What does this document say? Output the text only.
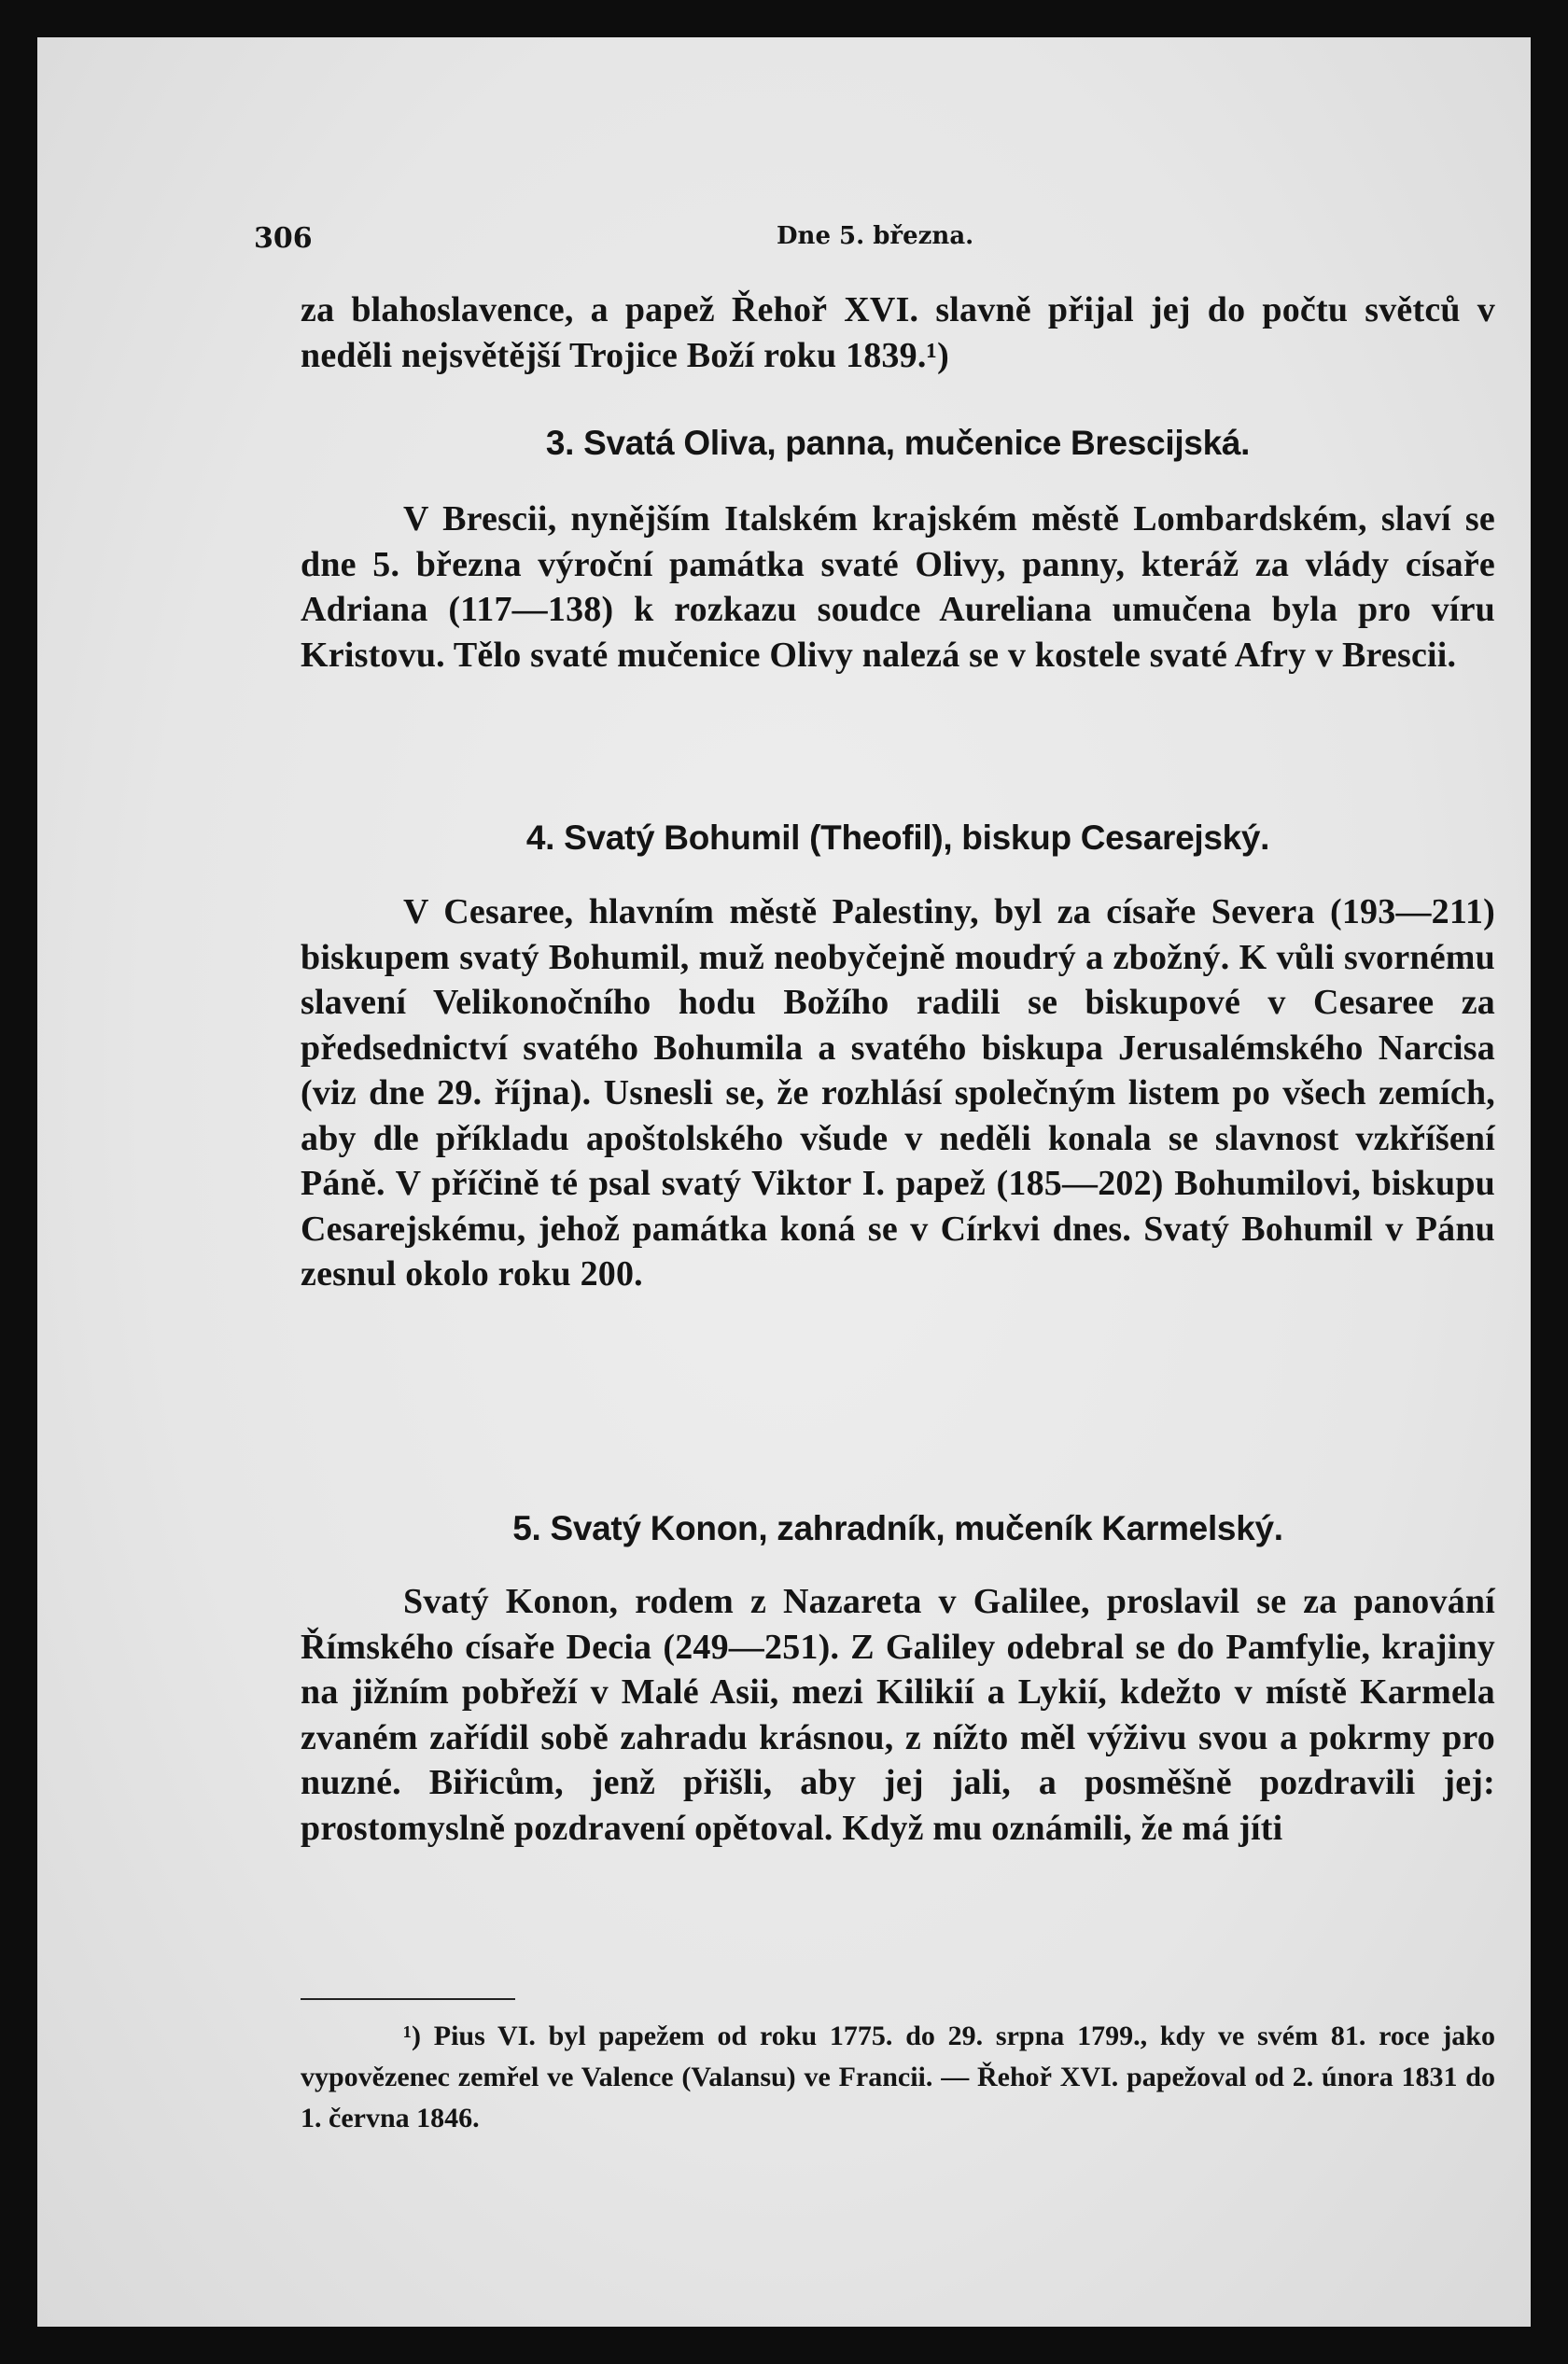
306	Dne 5. března.

za blahoslavence, a papež Řehoř XVI. slavně přijal jej do počtu světců v neděli nejsvětější Trojice Boží roku 1839.¹)

3. Svatá Oliva, panna, mučenice Brescijská.

V Brescii, nynějším Italském krajském městě Lombardském, slaví se dne 5. března výroční památka svaté Olivy, panny, kteráž za vlády císaře Adriana (117—138) k rozkazu soudce Aureliana umučena byla pro víru Kristovu. Tělo svaté mučenice Olivy nalezá se v kostele svaté Afry v Brescii.

4. Svatý Bohumil (Theofil), biskup Cesarejský.

V Cesaree, hlavním městě Palestiny, byl za císaře Severa (193—211) biskupem svatý Bohumil, muž neobyčejně moudrý a zbožný. K vůli svornému slavení Velikonočního hodu Božího radili se biskupové v Cesaree za předsednictví svatého Bohumila a svatého biskupa Jerusalémského Narcisa (viz dne 29. října). Usnesli se, že rozhlásí společným listem po všech zemích, aby dle příkladu apoštolského všude v neděli konala se slavnost vzkříšení Páně. V příčině té psal svatý Viktor I. papež (185—202) Bohumilovi, biskupu Cesarejskému, jehož památka koná se v Církvi dnes. Svatý Bohumil v Pánu zesnul okolo roku 200.

5. Svatý Konon, zahradník, mučeník Karmelský.

Svatý Konon, rodem z Nazareta v Galilee, proslavil se za panování Římského císaře Decia (249—251). Z Galiley odebral se do Pamfylie, krajiny na jižním pobřeží v Malé Asii, mezi Kilikií a Lykií, kdežto v místě Karmela zvaném zařídil sobě zahradu krásnou, z nížto měl výživu svou a pokrmy pro nuzné. Biřicům, jenž přišli, aby jej jali, a posměšně pozdravili jej: prostomyslně pozdravení opětoval. Když mu oznámili, že má jíti

¹) Pius VI. byl papežem od roku 1775. do 29. srpna 1799., kdy ve svém 81. roce jako vypovězenec zemřel ve Valence (Valansu) ve Francii. — Řehoř XVI. papežoval od 2. února 1831 do 1. června 1846.
